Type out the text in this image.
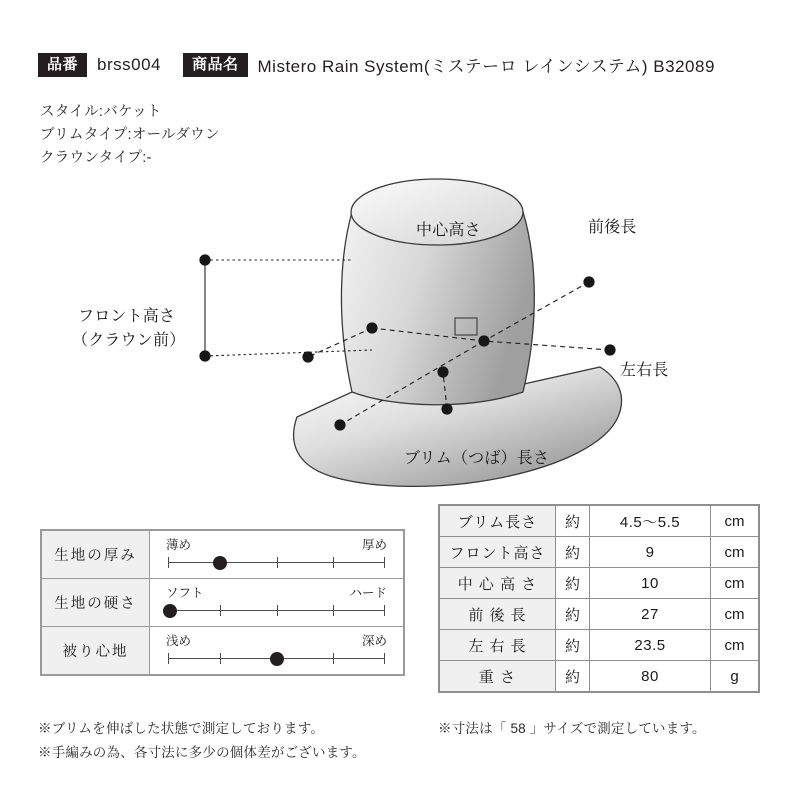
品番	brss004	商品名	Mistero Rain System(ミステーロ レインシステム) B32089
スタイル:バケット
ブリムタイプ:オールダウン
クラウンタイプ:-
中心高さ	前後長
フロント高さ
（クラウン前）
左右長
ブリム（つば）長さ
生地の厚み	薄め 厚め

生地の硬さ	ソフト ハード

被り心地	浅め 深め
ブリム長さ	約	4.5〜5.5	cm
フロント高さ	約	9	cm
中 心 高 さ	約	10	cm
前 後 長	約	27	cm
左 右 長	約	23.5	cm
重 さ	約	80	g
※ブリムを伸ばした状態で測定しております。
※手編みの為、各寸法に多少の個体差がございます。
※寸法は「 58 」サイズで測定しています。
